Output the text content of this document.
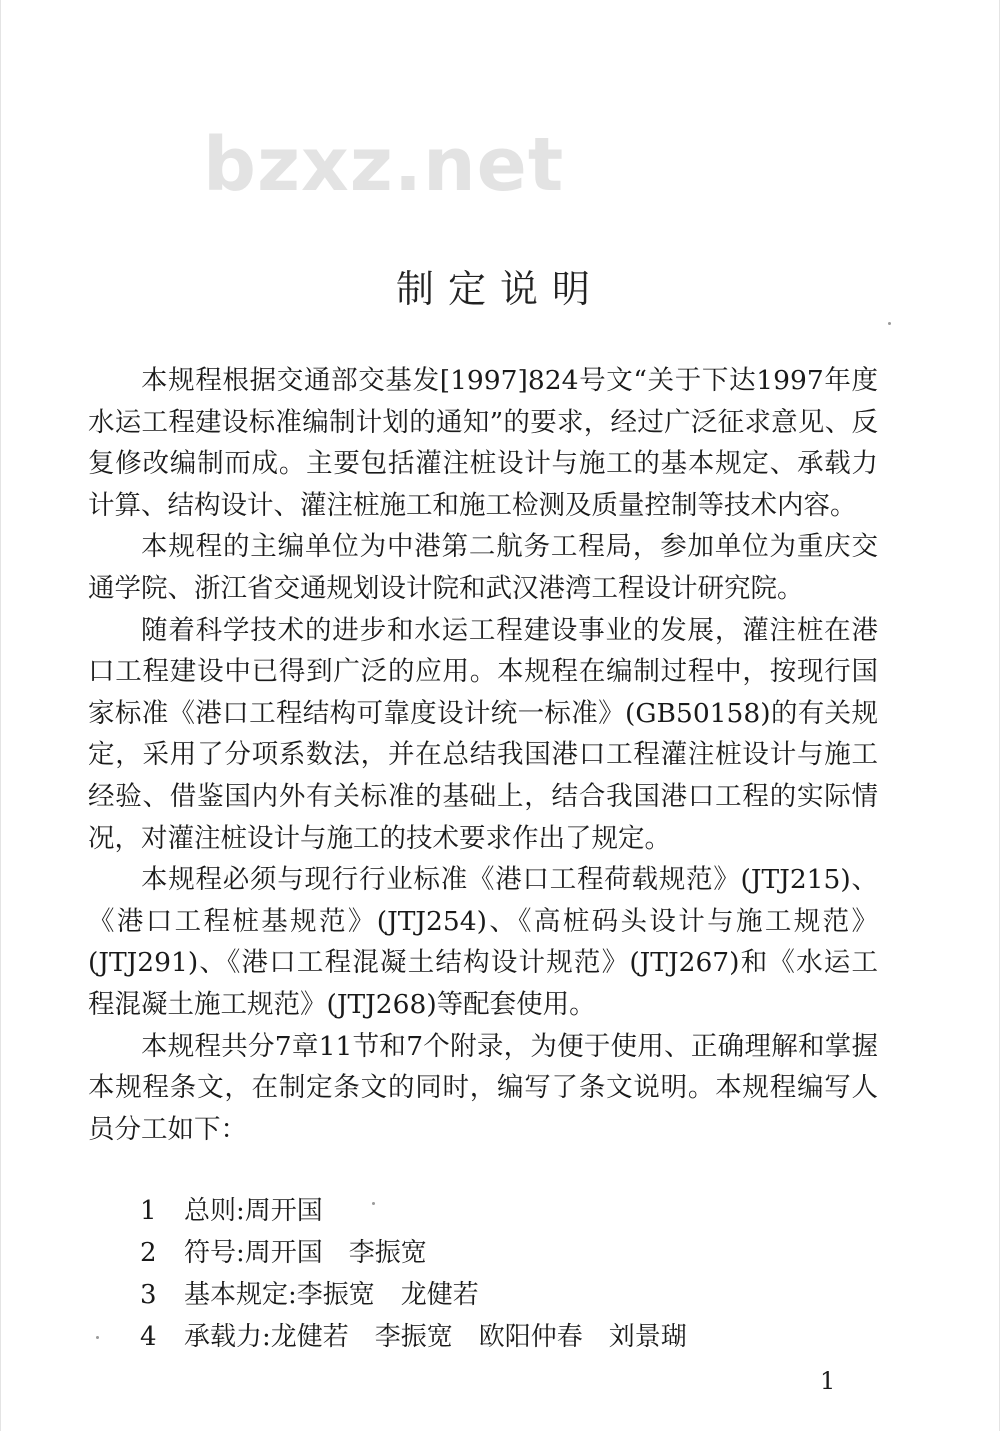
bzxz.net
制定说明

本规程根据交通部交基发[1997]824号文“关于下达1997年度水运工程建设标准编制计划的通知”的要求，经过广泛征求意见、反复修改编制而成。主要包括灌注桩设计与施工的基本规定、承载力计算、结构设计、灌注桩施工和施工检测及质量控制等技术内容。

本规程的主编单位为中港第二航务工程局，参加单位为重庆交通学院、浙江省交通规划设计院和武汉港湾工程设计研究院。

随着科学技术的进步和水运工程建设事业的发展，灌注桩在港口工程建设中已得到广泛的应用。本规程在编制过程中，按现行国家标准《港口工程结构可靠度设计统一标准》(GB50158)的有关规定，采用了分项系数法，并在总结我国港口工程灌注桩设计与施工经验、借鉴国内外有关标准的基础上，结合我国港口工程的实际情况，对灌注桩设计与施工的技术要求作出了规定。

本规程必须与现行行业标准《港口工程荷载规范》(JTJ215)、《港口工程桩基规范》(JTJ254)、《高桩码头设计与施工规范》(JTJ291)、《港口工程混凝土结构设计规范》(JTJ267)和《水运工程混凝土施工规范》(JTJ268)等配套使用。

本规程共分7章11节和7个附录，为便于使用、正确理解和掌握本规程条文，在制定条文的同时，编写了条文说明。本规程编写人员分工如下：

1 总则:周开国
2 符号:周开国　李振宽
3 基本规定:李振宽　龙健若
4 承载力:龙健若　李振宽　欧阳仲春　刘景瑚
1
